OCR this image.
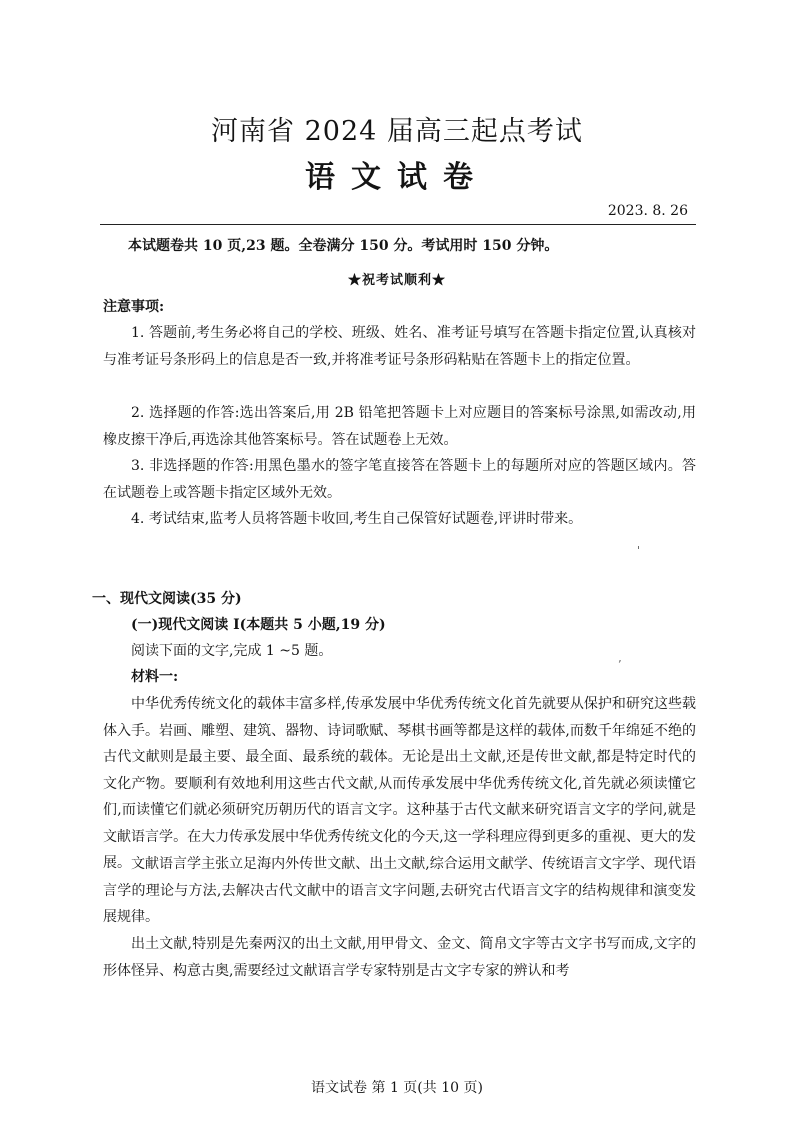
河南省 2024 届高三起点考试
语文试卷
2023. 8. 26
本试题卷共 10 页,23 题。全卷满分 150 分。考试用时 150 分钟。
★祝考试顺利★
注意事项:
1. 答题前,考生务必将自己的学校、班级、姓名、准考证号填写在答题卡指定位置,认真核对与准考证号条形码上的信息是否一致,并将准考证号条形码粘贴在答题卡上的指定位置。
2. 选择题的作答:选出答案后,用 2B 铅笔把答题卡上对应题目的答案标号涂黑,如需改动,用橡皮擦干净后,再选涂其他答案标号。答在试题卷上无效。
3. 非选择题的作答:用黑色墨水的签字笔直接答在答题卡上的每题所对应的答题区域内。答在试题卷上或答题卡指定区域外无效。
4. 考试结束,监考人员将答题卡收回,考生自己保管好试题卷,评讲时带来。
一、现代文阅读(35 分)
(一)现代文阅读 I(本题共 5 小题,19 分)
阅读下面的文字,完成 1 ~5 题。
材料一:
中华优秀传统文化的载体丰富多样,传承发展中华优秀传统文化首先就要从保护和研究这些载体入手。岩画、雕塑、建筑、器物、诗词歌赋、琴棋书画等都是这样的载体,而数千年绵延不绝的古代文献则是最主要、最全面、最系统的载体。无论是出土文献,还是传世文献,都是特定时代的文化产物。要顺利有效地利用这些古代文献,从而传承发展中华优秀传统文化,首先就必须读懂它们,而读懂它们就必须研究历朝历代的语言文字。这种基于古代文献来研究语言文字的学问,就是文献语言学。在大力传承发展中华优秀传统文化的今天,这一学科理应得到更多的重视、更大的发展。 文献语言学主张立足海内外传世文献、出土文献,综合运用文献学、传统语言文字学、现代语言学的理论与方法,去解决古代文献中的语言文字问题,去研究古代语言文字的结构规律和演变发展规律。
出土文献,特别是先秦两汉的出土文献,用甲骨文、金文、简帛文字等古文字书写而成,文字的形体怪异、构意古奥,需要经过文献语言学专家特别是古文字专家的辨认和考
'
’
语文试卷 第 1 页(共 10 页)
